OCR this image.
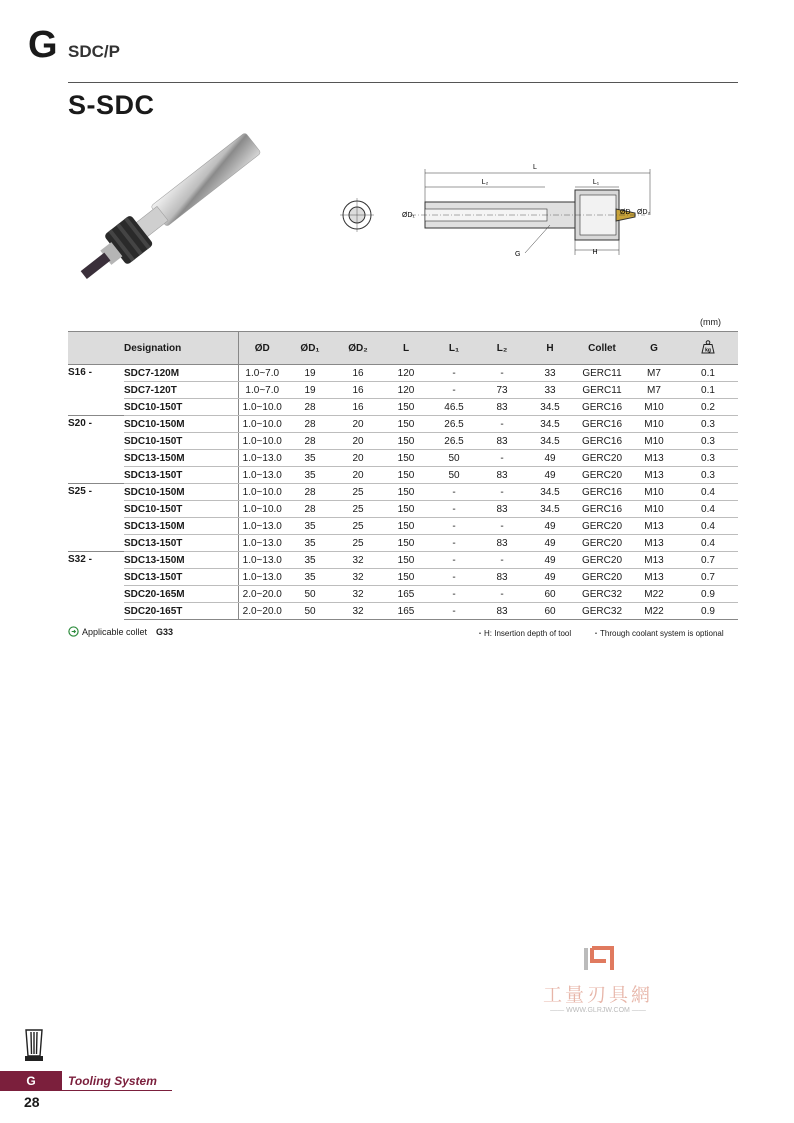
G SDC/P
S-SDC
L
L₂	L₁
ØD₁	ØD ØD₂
G	H
(mm)
	Designation	ØD	ØD₁	ØD₂	L	L₁	L₂	H	Collet	G	kg

S16 -	SDC7-120M	1.0~7.0	19	16	120	-	-	33	GERC11	M7	0.1
	SDC7-120T	1.0~7.0	19	16	120	-	73	33	GERC11	M7	0.1
	SDC10-150T	1.0~10.0	28	16	150	46.5	83	34.5	GERC16	M10	0.2
S20 -	SDC10-150M	1.0~10.0	28	20	150	26.5	-	34.5	GERC16	M10	0.3
	SDC10-150T	1.0~10.0	28	20	150	26.5	83	34.5	GERC16	M10	0.3
	SDC13-150M	1.0~13.0	35	20	150	50	-	49	GERC20	M13	0.3
	SDC13-150T	1.0~13.0	35	20	150	50	83	49	GERC20	M13	0.3
S25 -	SDC10-150M	1.0~10.0	28	25	150	-	-	34.5	GERC16	M10	0.4
	SDC10-150T	1.0~10.0	28	25	150	-	83	34.5	GERC16	M10	0.4
	SDC13-150M	1.0~13.0	35	25	150	-	-	49	GERC20	M13	0.4
	SDC13-150T	1.0~13.0	35	25	150	-	83	49	GERC20	M13	0.4
S32 -	SDC13-150M	1.0~13.0	35	32	150	-	-	49	GERC20	M13	0.7
	SDC13-150T	1.0~13.0	35	32	150	-	83	49	GERC20	M13	0.7
	SDC20-165M	2.0~20.0	50	32	165	-	-	60	GERC32	M22	0.9
	SDC20-165T	2.0~20.0	50	32	165	-	83	60	GERC32	M22	0.9
Applicable collet G33	・H: Insertion depth of tool	・Through coolant system is optional
工量刃具網
—— WWW.GLRJW.COM ——
G	Tooling System
28
